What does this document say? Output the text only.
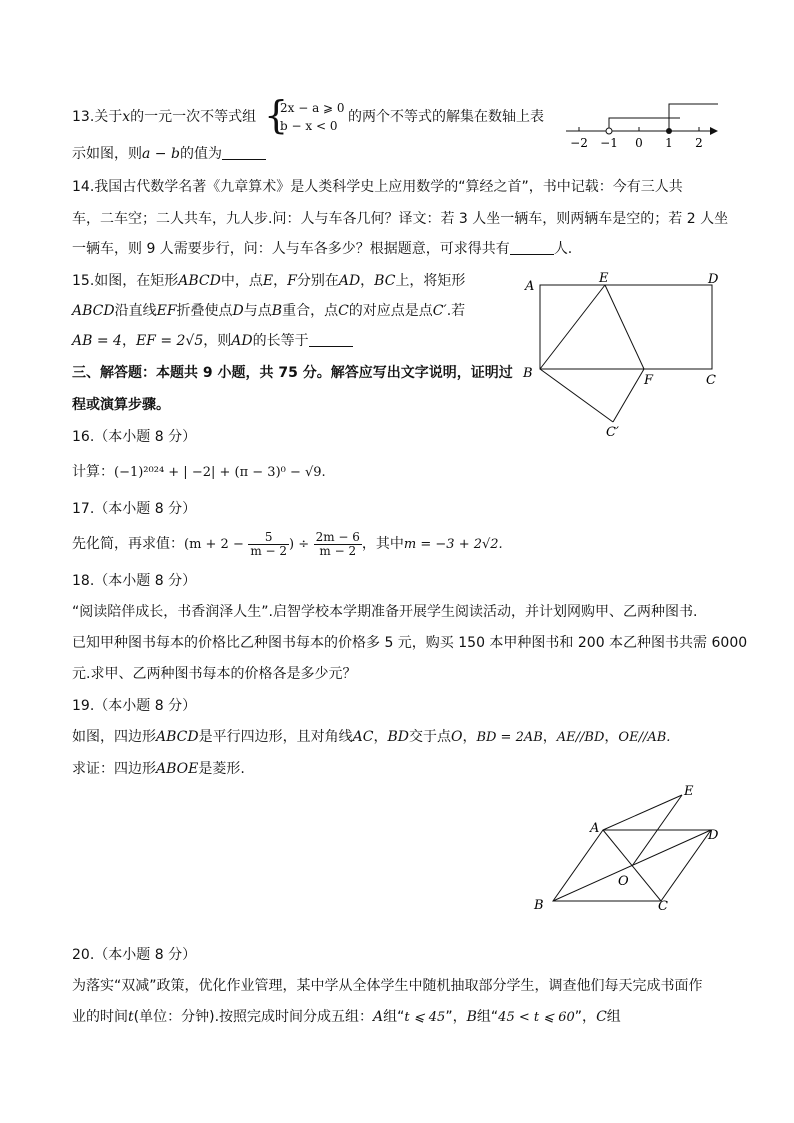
13.关于x的一元一次不等式组 {
2x − a ⩾ 0
b − x < 0
的两个不等式的解集在数轴上表
示如图，则a − b的值为
−2 −1 0 1 2
14.我国古代数学名著《九章算术》是人类科学史上应用数学的“算经之首”，书中记载：今有三人共
车，二车空；二人共车，九人步.问：人与车各几何？译文：若 3 人坐一辆车，则两辆车是空的；若 2 人坐
一辆车，则 9 人需要步行，问：人与车各多少？根据题意，可求得共有	人.
15.如图，在矩形ABCD中，点E，F分别在AD，BC上，将矩形
ABCD沿直线EF折叠使点D与点B重合，点C的对应点是点C′.若
AB = 4，EF = 2√5，则AD的长等于
A
E	D
B	F	C
C′
三、解答题：本题共 9 小题，共 75 分。解答应写出文字说明，证明过
程或演算步骤。
16.（本小题 8 分）
计算：(−1)²⁰²⁴ + | −2| + (π − 3)⁰ − √9.
17.（本小题 8 分）
先化简，再求值：($m + 2 - \frac{5}{m - 2}$ ) ÷ $\frac{2m - 6}{m - 2}$ ，其中m = −3 + 2√2.
18.（本小题 8 分）
“阅读陪伴成长，书香润泽人生”.启智学校本学期准备开展学生阅读活动，并计划网购甲、乙两种图书.
已知甲种图书每本的价格比乙种图书每本的价格多 5 元，购买 150 本甲种图书和 200 本乙种图书共需 6000
元.求甲、乙两种图书每本的价格各是多少元？
19.（本小题 8 分）
如图，四边形ABCD是平行四边形，且对角线AC，BD交于点O，BD = 2AB，AE//BD，OE//AB.
求证：四边形ABOE是菱形.
E
A	D
O
B	C
20.（本小题 8 分）
为落实“双减”政策，优化作业管理，某中学从全体学生中随机抽取部分学生，调查他们每天完成书面作
业的时间t(单位：分钟).按照完成时间分成五组：A组“t ⩽ 45”，B组“45 < t ⩽ 60”，C组
